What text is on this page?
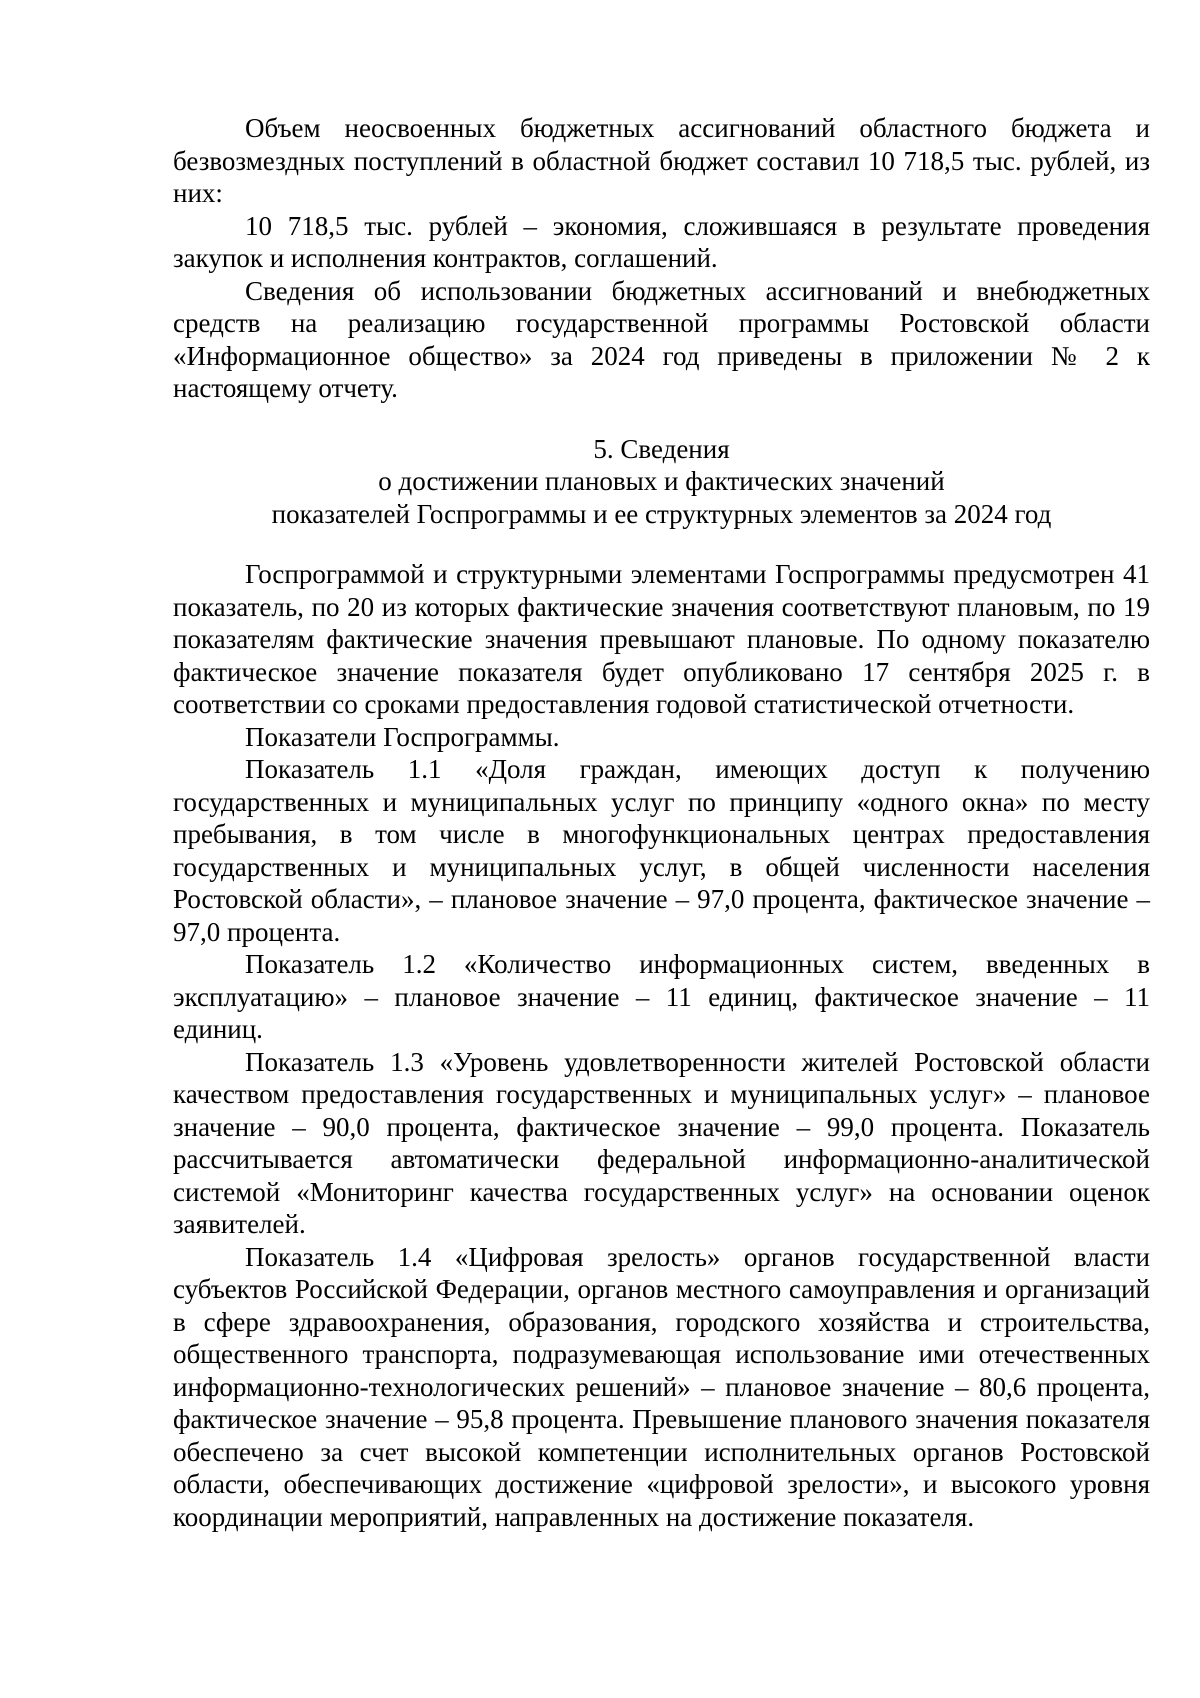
Объем неосвоенных бюджетных ассигнований областного бюджета и безвозмездных поступлений в областной бюджет составил 10 718,5 тыс. рублей, из них:

10 718,5 тыс. рублей – экономия, сложившаяся в результате проведения закупок и исполнения контрактов, соглашений.

Сведения об использовании бюджетных ассигнований и внебюджетных средств на реализацию государственной программы Ростовской области «Информационное общество» за 2024 год приведены в приложении № 2 к настоящему отчету.

5. Сведения
о достижении плановых и фактических значений
показателей Госпрограммы и ее структурных элементов за 2024 год

Госпрограммой и структурными элементами Госпрограммы предусмотрен 41 показатель, по 20 из которых фактические значения соответствуют плановым, по 19 показателям фактические значения превышают плановые. По одному показателю фактическое значение показателя будет опубликовано 17 сентября 2025 г. в соответствии со сроками предоставления годовой статистической отчетности.

Показатели Госпрограммы.

Показатель 1.1 «Доля граждан, имеющих доступ к получению государственных и муниципальных услуг по принципу «одного окна» по месту пребывания, в том числе в многофункциональных центрах предоставления государственных и муниципальных услуг, в общей численности населения Ростовской области», – плановое значение – 97,0 процента, фактическое значение – 97,0 процента.

Показатель 1.2 «Количество информационных систем, введенных в эксплуатацию» – плановое значение – 11 единиц, фактическое значение – 11 единиц.

Показатель 1.3 «Уровень удовлетворенности жителей Ростовской области качеством предоставления государственных и муниципальных услуг» – плановое значение – 90,0 процента, фактическое значение – 99,0 процента. Показатель рассчитывается автоматически федеральной информационно-аналитической системой «Мониторинг качества государственных услуг» на основании оценок заявителей.

Показатель 1.4 «Цифровая зрелость» органов государственной власти субъектов Российской Федерации, органов местного самоуправления и организаций в сфере здравоохранения, образования, городского хозяйства и строительства, общественного транспорта, подразумевающая использование ими отечественных информационно-технологических решений» – плановое значение – 80,6 процента, фактическое значение – 95,8 процента. Превышение планового значения показателя обеспечено за счет высокой компетенции исполнительных органов Ростовской области, обеспечивающих достижение «цифровой зрелости», и высокого уровня координации мероприятий, направленных на достижение показателя.
